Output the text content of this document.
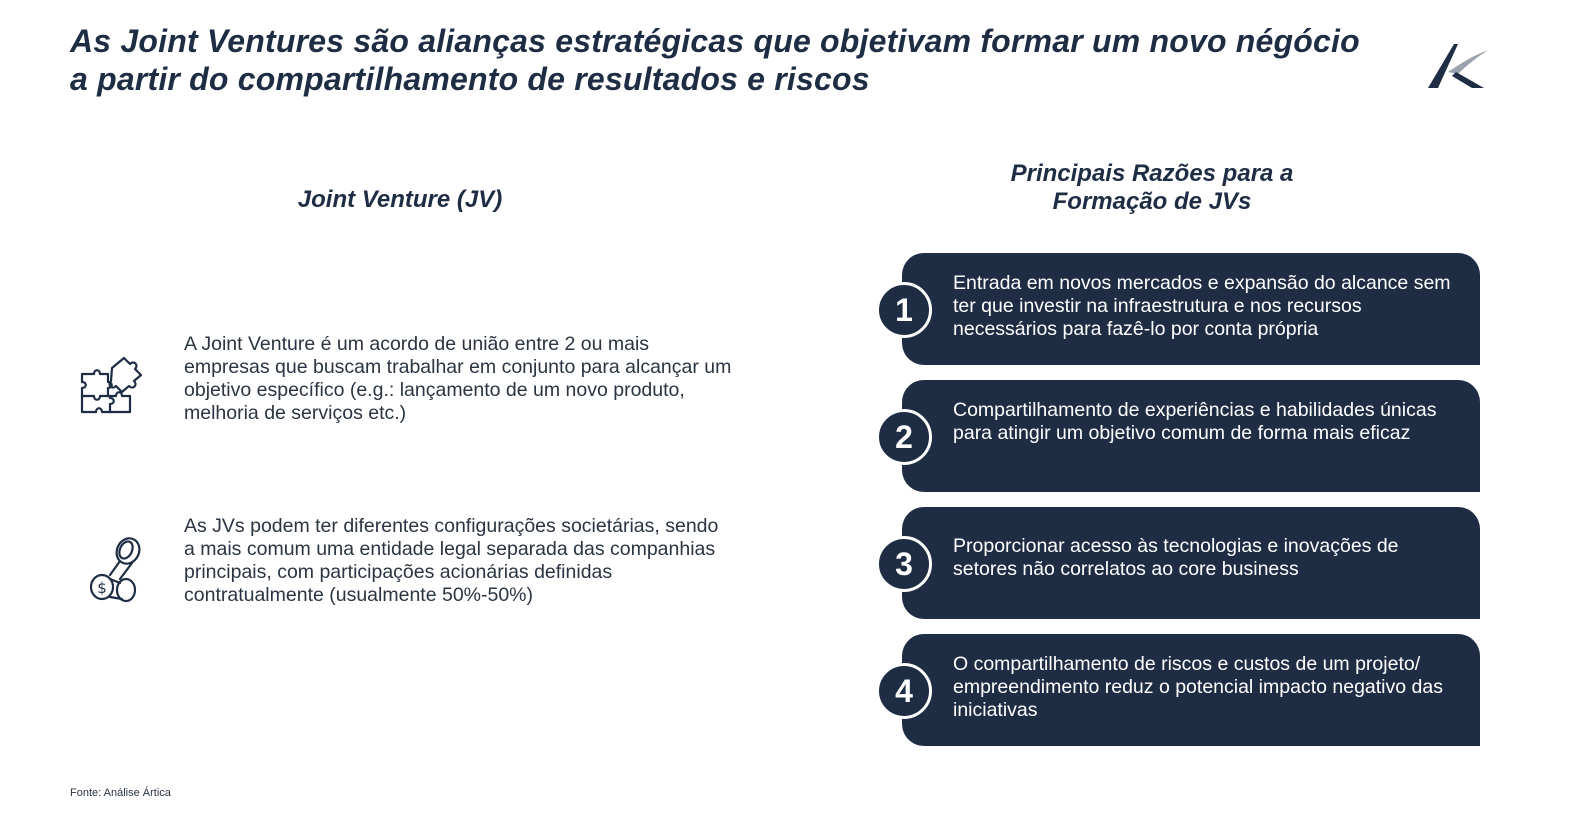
As Joint Ventures são alianças estratégicas que objetivam formar um novo négócio a partir do compartilhamento de resultados e riscos
Joint Venture (JV)
Principais Razões para a
Formação de JVs

A Joint Venture é um acordo de união entre 2 ou mais empresas que buscam trabalhar em conjunto para alcançar um objetivo específico (e.g.: lançamento de um novo produto, melhoria de serviços etc.)

$

As JVs podem ter diferentes configurações societárias, sendo a mais comum uma entidade legal separada das companhias principais, com participações acionárias definidas contratualmente (usualmente 50%-50%)

Entrada em novos mercados e expansão do alcance sem ter que investir na infraestrutura e nos recursos necessários para fazê-lo por conta própria

1

Compartilhamento de experiências e habilidades únicas para atingir um objetivo comum de forma mais eficaz

2

Proporcionar acesso às tecnologias e inovações de setores não correlatos ao core business

3

O compartilhamento de riscos e custos de um projeto/ empreendimento reduz o potencial impacto negativo das iniciativas

4
Fonte: Análise Ártica
